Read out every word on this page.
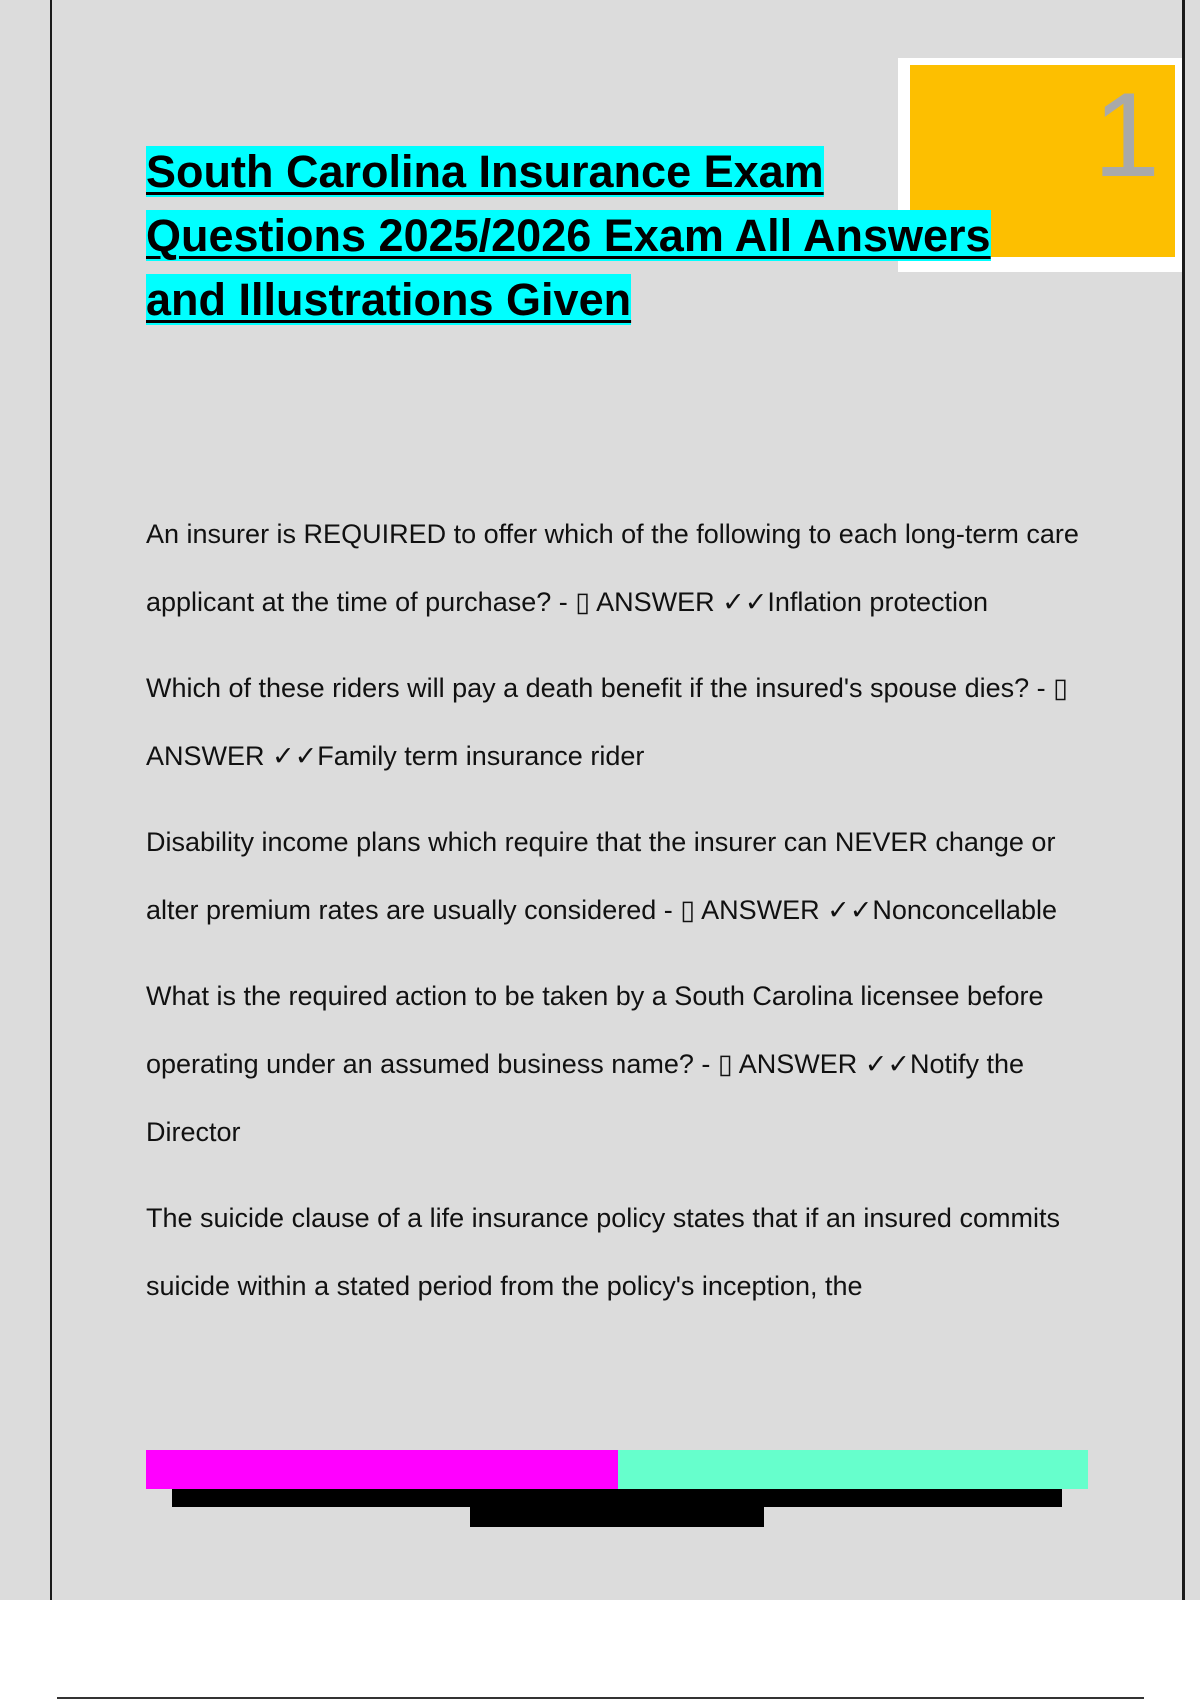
1
South Carolina Insurance Exam
Questions 2025/2026 Exam All Answers
and Illustrations Given

An insurer is REQUIRED to offer which of the following to each long-term care applicant at the time of purchase? - ▯ ANSWER ✓✓Inflation protection

Which of these riders will pay a death benefit if the insured's spouse dies? - ▯ ANSWER ✓✓Family term insurance rider

Disability income plans which require that the insurer can NEVER change or alter premium rates are usually considered - ▯ ANSWER ✓✓Nonconcellable

What is the required action to be taken by a South Carolina licensee before operating under an assumed business name? - ▯ ANSWER ✓✓Notify the Director

The suicide clause of a life insurance policy states that if an insured commits suicide within a stated period from the policy's inception, the
